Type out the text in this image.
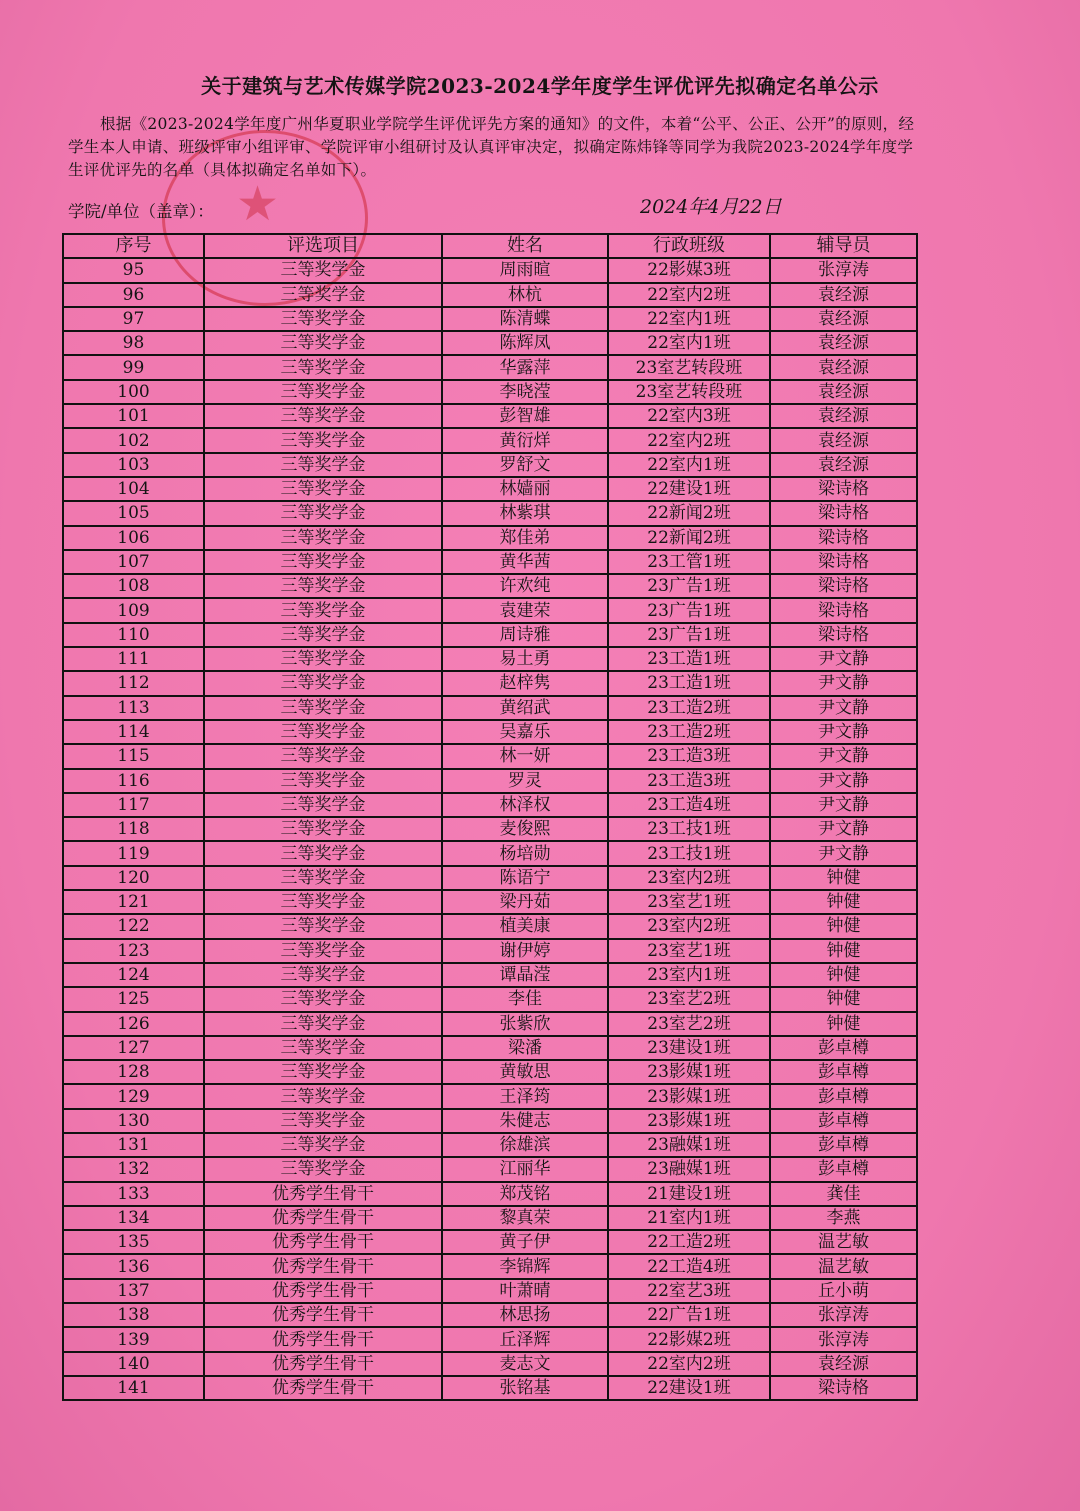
★
关于建筑与艺术传媒学院2023-2024学年度学生评优评先拟确定名单公示
根据《2023-2024学年度广州华夏职业学院学生评优评先方案的通知》的文件，本着“公平、公正、公开”的原则，经学生本人申请、班级评审小组评审、学院评审小组研讨及认真评审决定，拟确定陈炜锋等同学为我院2023-2024学年度学生评优评先的名单（具体拟确定名单如下）。
学院/单位（盖章）：	2024年4月22日
序号	评选项目	姓名	行政班级	辅导员
95	三等奖学金	周雨暄	22影媒3班	张淳涛
96	三等奖学金	林杭	22室内2班	袁经源
97	三等奖学金	陈清蝶	22室内1班	袁经源
98	三等奖学金	陈辉凤	22室内1班	袁经源
99	三等奖学金	华露萍	23室艺转段班	袁经源
100	三等奖学金	李晓滢	23室艺转段班	袁经源
101	三等奖学金	彭智雄	22室内3班	袁经源
102	三等奖学金	黄衍烊	22室内2班	袁经源
103	三等奖学金	罗舒文	22室内1班	袁经源
104	三等奖学金	林嫱丽	22建设1班	梁诗格
105	三等奖学金	林紫琪	22新闻2班	梁诗格
106	三等奖学金	郑佳弟	22新闻2班	梁诗格
107	三等奖学金	黄华茜	23工管1班	梁诗格
108	三等奖学金	许欢纯	23广告1班	梁诗格
109	三等奖学金	袁建荣	23广告1班	梁诗格
110	三等奖学金	周诗雅	23广告1班	梁诗格
111	三等奖学金	易土勇	23工造1班	尹文静
112	三等奖学金	赵梓隽	23工造1班	尹文静
113	三等奖学金	黄绍武	23工造2班	尹文静
114	三等奖学金	吴嘉乐	23工造2班	尹文静
115	三等奖学金	林一妍	23工造3班	尹文静
116	三等奖学金	罗灵	23工造3班	尹文静
117	三等奖学金	林泽权	23工造4班	尹文静
118	三等奖学金	麦俊熙	23工技1班	尹文静
119	三等奖学金	杨培勋	23工技1班	尹文静
120	三等奖学金	陈语宁	23室内2班	钟健
121	三等奖学金	梁丹茹	23室艺1班	钟健
122	三等奖学金	植美康	23室内2班	钟健
123	三等奖学金	谢伊婷	23室艺1班	钟健
124	三等奖学金	谭晶滢	23室内1班	钟健
125	三等奖学金	李佳	23室艺2班	钟健
126	三等奖学金	张紫欣	23室艺2班	钟健
127	三等奖学金	梁潘	23建设1班	彭卓樽
128	三等奖学金	黄敏思	23影媒1班	彭卓樽
129	三等奖学金	王泽筠	23影媒1班	彭卓樽
130	三等奖学金	朱健志	23影媒1班	彭卓樽
131	三等奖学金	徐雄滨	23融媒1班	彭卓樽
132	三等奖学金	江丽华	23融媒1班	彭卓樽
133	优秀学生骨干	郑茂铭	21建设1班	龚佳
134	优秀学生骨干	黎真荣	21室内1班	李燕
135	优秀学生骨干	黄子伊	22工造2班	温艺敏
136	优秀学生骨干	李锦辉	22工造4班	温艺敏
137	优秀学生骨干	叶萧晴	22室艺3班	丘小萌
138	优秀学生骨干	林思扬	22广告1班	张淳涛
139	优秀学生骨干	丘泽辉	22影媒2班	张淳涛
140	优秀学生骨干	麦志文	22室内2班	袁经源
141	优秀学生骨干	张铭基	22建设1班	梁诗格
